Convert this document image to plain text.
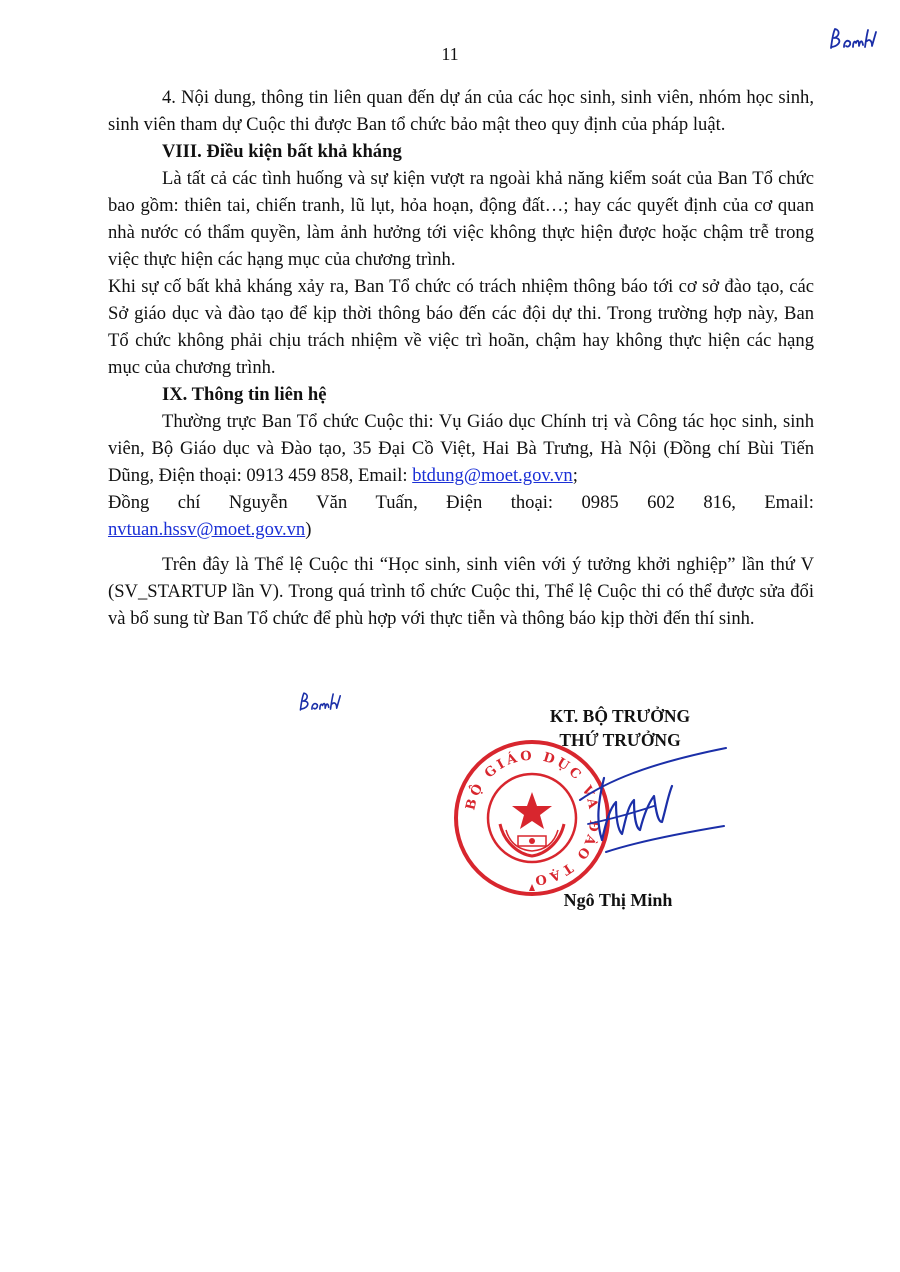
11

4. Nội dung, thông tin liên quan đến dự án của các học sinh, sinh viên, nhóm học sinh, sinh viên tham dự Cuộc thi được Ban tổ chức bảo mật theo quy định của pháp luật.

VIII. Điều kiện bất khả kháng

Là tất cả các tình huống và sự kiện vượt ra ngoài khả năng kiểm soát của Ban Tổ chức bao gồm: thiên tai, chiến tranh, lũ lụt, hỏa hoạn, động đất…; hay các quyết định của cơ quan nhà nước có thẩm quyền, làm ảnh hưởng tới việc không thực hiện được hoặc chậm trễ trong việc thực hiện các hạng mục của chương trình.

Khi sự cố bất khả kháng xảy ra, Ban Tổ chức có trách nhiệm thông báo tới cơ sở đào tạo, các Sở giáo dục và đào tạo để kịp thời thông báo đến các đội dự thi. Trong trường hợp này, Ban Tổ chức không phải chịu trách nhiệm về việc trì hoãn, chậm hay không thực hiện các hạng mục của chương trình.

IX. Thông tin liên hệ

Thường trực Ban Tổ chức Cuộc thi: Vụ Giáo dục Chính trị và Công tác học sinh, sinh viên, Bộ Giáo dục và Đào tạo, 35 Đại Cồ Việt, Hai Bà Trưng, Hà Nội (Đồng chí Bùi Tiến Dũng, Điện thoại: 0913 459 858, Email: btdung@moet.gov.vn;

Đồng chí Nguyễn Văn Tuấn, Điện thoại: 0985 602 816, Email:

nvtuan.hssv@moet.gov.vn)

Trên đây là Thể lệ Cuộc thi “Học sinh, sinh viên với ý tưởng khởi nghiệp” lần thứ V (SV_STARTUP lần V). Trong quá trình tổ chức Cuộc thi, Thể lệ Cuộc thi có thể được sửa đổi và bổ sung từ Ban Tổ chức để phù hợp với thực tiễn và thông báo kịp thời đến thí sinh.

KT. BỘ TRƯỞNG
THỨ TRƯỞNG
BỘ GIÁO DỤC VÀ ĐÀO TẠO
Ngô Thị Minh
